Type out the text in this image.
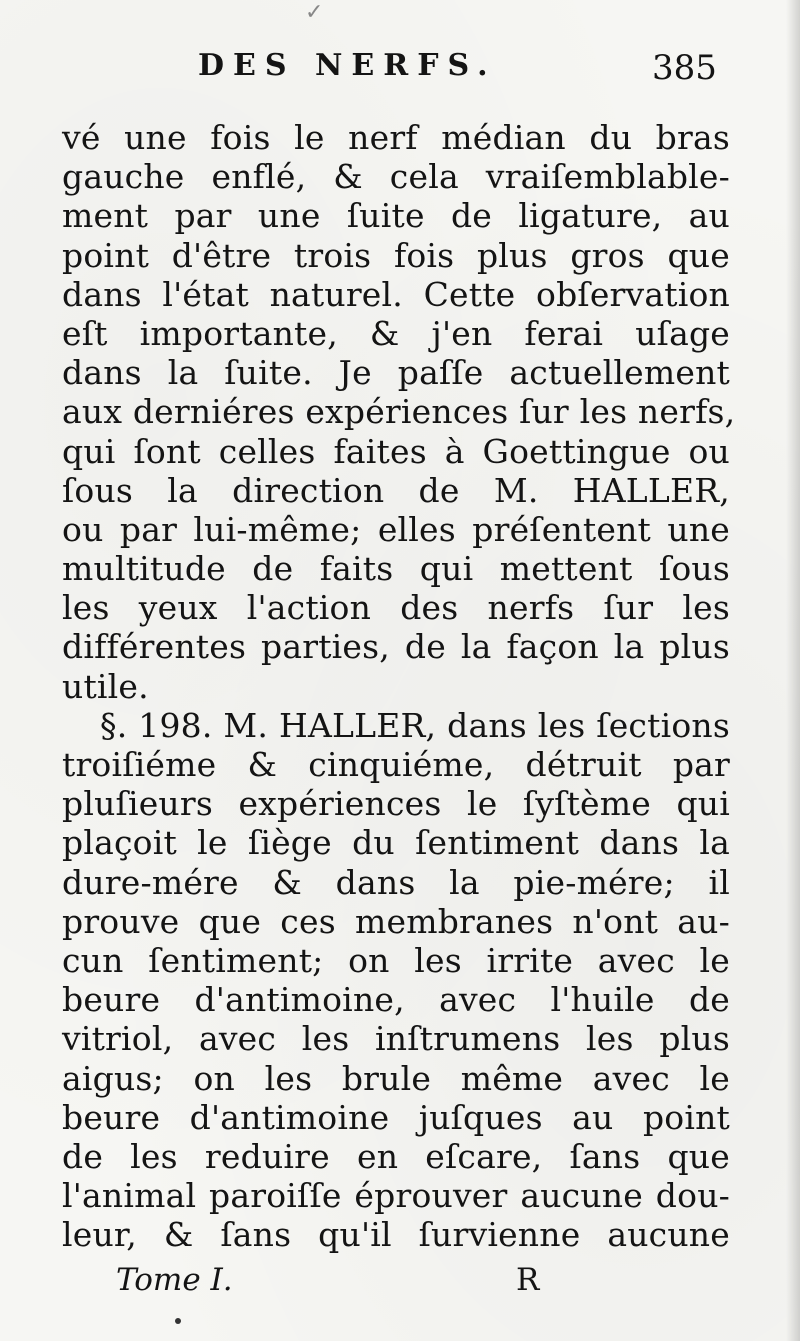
✓
DES NERFS.	385
vé une fois le nerf médian du bras
gauche enflé, & cela vraiſemblable-
ment par une ſuite de ligature, au
point d'être trois fois plus gros que
dans l'état naturel. Cette obſervation
eſt importante, & j'en ferai uſage
dans la ſuite. Je paſſe actuellement
aux derniéres expériences ſur les nerfs,
qui ſont celles faites à Goettingue ou
ſous la direction de M. HALLER,
ou par lui-même; elles préſentent une
multitude de faits qui mettent ſous
les yeux l'action des nerfs ſur les
différentes parties, de la façon la plus
utile.
§. 198. M. HALLER, dans les ſections
troiſiéme & cinquiéme, détruit par
pluſieurs expériences le ſyſtème qui
plaçoit le ſiège du ſentiment dans la
dure-mére & dans la pie-mére; il
prouve que ces membranes n'ont au-
cun ſentiment; on les irrite avec le
beure d'antimoine, avec l'huile de
vitriol, avec les inſtrumens les plus
aigus; on les brule même avec le
beure d'antimoine juſques au point
de les reduire en eſcare, ſans que
l'animal paroiſſe éprouver aucune dou-
leur, & ſans qu'il ſurvienne aucune
Tome I.	R
